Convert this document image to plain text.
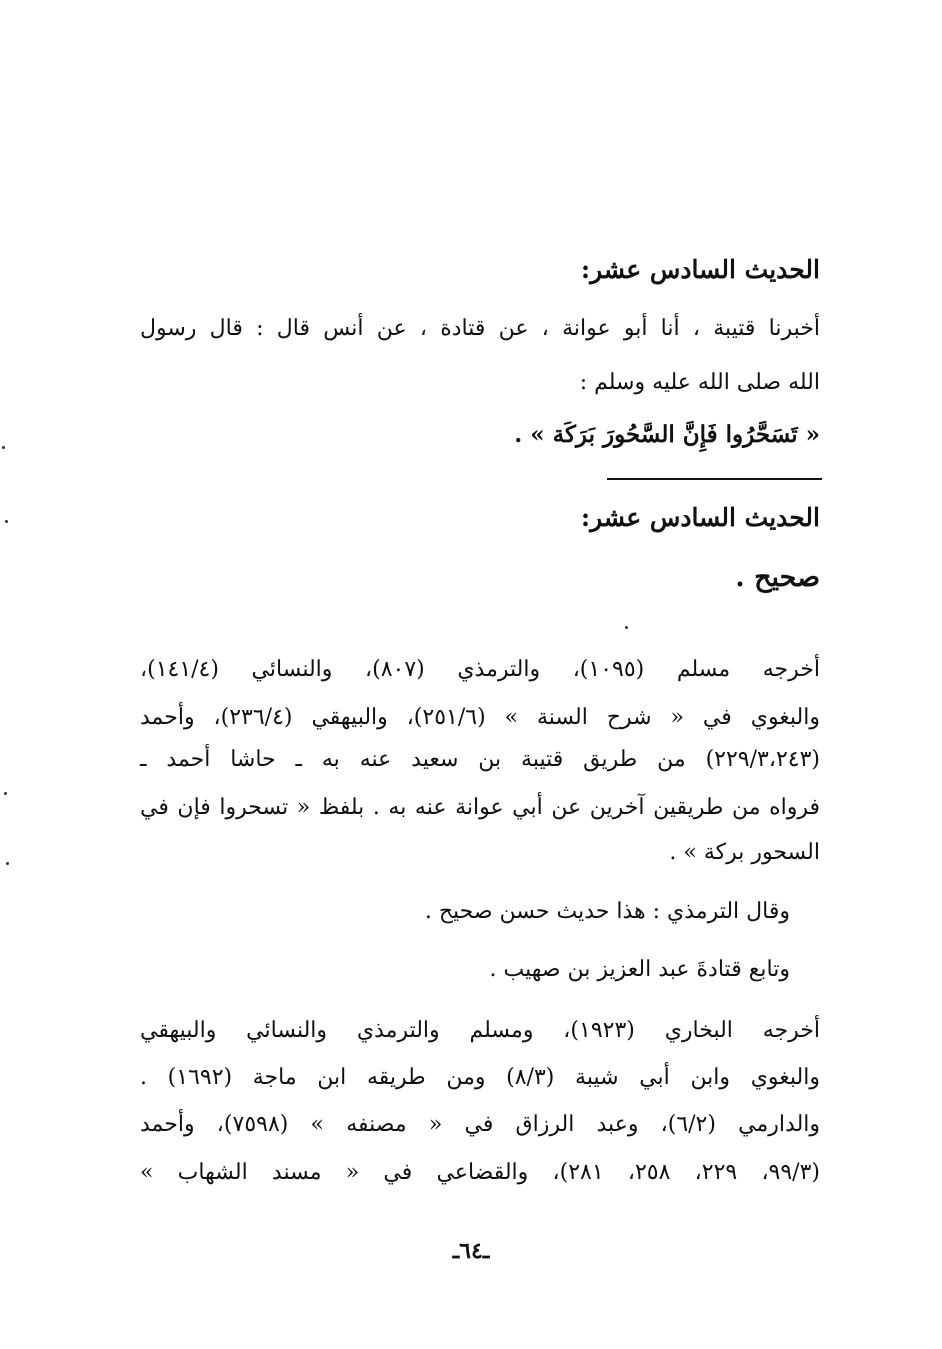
الحديث السادس عشر:
أخبرنا قتيبة ، أنا أبو عوانة ، عن قتادة ، عن أنس قال : قال رسول
الله صلى الله عليه وسلم :
« تَسَحَّرُوا فَإِنَّ السَّحُورَ بَرَكَة » .
الحديث السادس عشر:
صحيح .
أخرجه مسلم (١٠٩٥)، والترمذي (٨٠٧)، والنسائي (١٤١/٤)،
والبغوي في « شرح السنة » (٢٥١/٦)، والبيهقي (٢٣٦/٤)، وأحمد
(٢٢٩/٣،٢٤٣) من طريق قتيبة بن سعيد عنه به ـ حاشا أحمد ـ
فرواه من طريقين آخرين عن أبي عوانة عنه به . بلفظ « تسحروا فإن في
السحور بركة » .
وقال الترمذي : هذا حديث حسن صحيح .
وتابع قتادةَ عبد العزيز بن صهيب .
أخرجه البخاري (١٩٢٣)، ومسلم والترمذي والنسائي والبيهقي
والبغوي وابن أبي شيبة (٨/٣) ومن طريقه ابن ماجة (١٦٩٢) .
والدارمي (٦/٢)، وعبد الرزاق في « مصنفه » (٧٥٩٨)، وأحمد
(٩٩/٣، ٢٢٩، ٢٥٨، ٢٨١)، والقضاعي في « مسند الشهاب »
ـ٦٤ـ
